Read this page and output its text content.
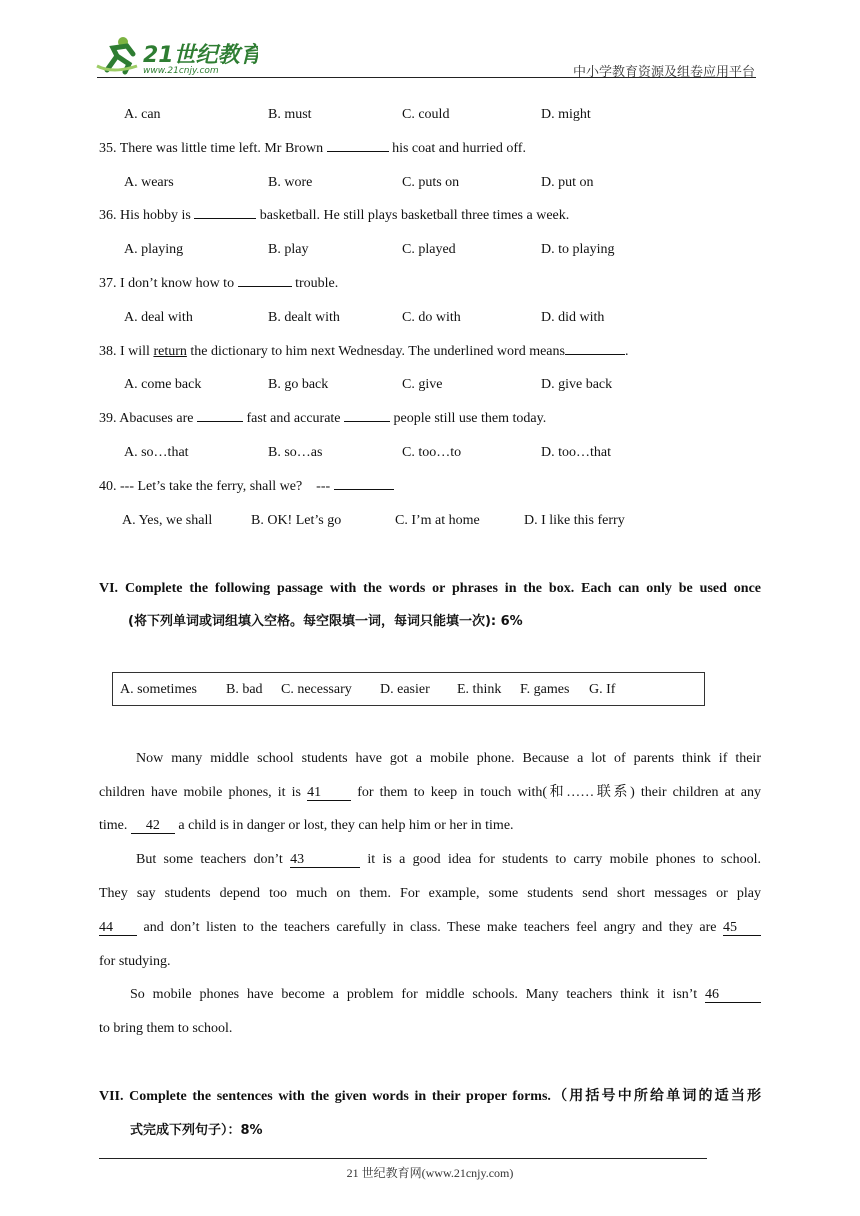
21世纪教育
www.21cnjy.com	中小学教育资源及组卷应用平台
A. can	B. must	C. could	D. might
35. There was little time left. Mr Brown	his coat and hurried off.
A. wears	B. wore	C. puts on	D. put on
36. His hobby is	basketball. He still plays basketball three times a week.
A. playing	B. play	C. played	D. to playing
37. I don’t know how to	trouble.
A. deal with	B. dealt with	C. do with	D. did with
38. I will return the dictionary to him next Wednesday. The underlined word means	.
A. come back	B. go back	C. give	D. give back
39. Abacuses are	fast and accurate	people still use them today.
A. so…that	B. so…as	C. too…to	D. too…that
40. --- Let’s take the ferry, shall we?    ---
A. Yes, we shall	B. OK! Let’s go	C. I’m at home	D. I like this ferry
VI. Complete the following passage with the words or phrases in the box. Each can only be used once
(将下列单词或词组填入空格。每空限填一词，每词只能填一次): 6%
A. sometimes B. bad C. necessary D. easier E. think F. games G. If
Now many middle school students have got a mobile phone. Because a lot of parents think if their
children have mobile phones, it is 41 for them to keep in touch with(和……联系) their children at any
time. 42 a child is in danger or lost, they can help him or her in time.
But some teachers don’t 43	it is a good idea for students to carry mobile phones to school.
They say students depend too much on them. For example, some students send short messages or play
44 and don’t listen to the teachers carefully in class. These make teachers feel angry and they are 45
for studying.
So mobile phones have become a problem for middle schools. Many teachers think it isn’t 46
to bring them to school.
VII. Complete the sentences with the given words in their proper forms.（用括号中所给单词的适当形
式完成下列句子）：8%
21 世纪教育网(www.21cnjy.com)
